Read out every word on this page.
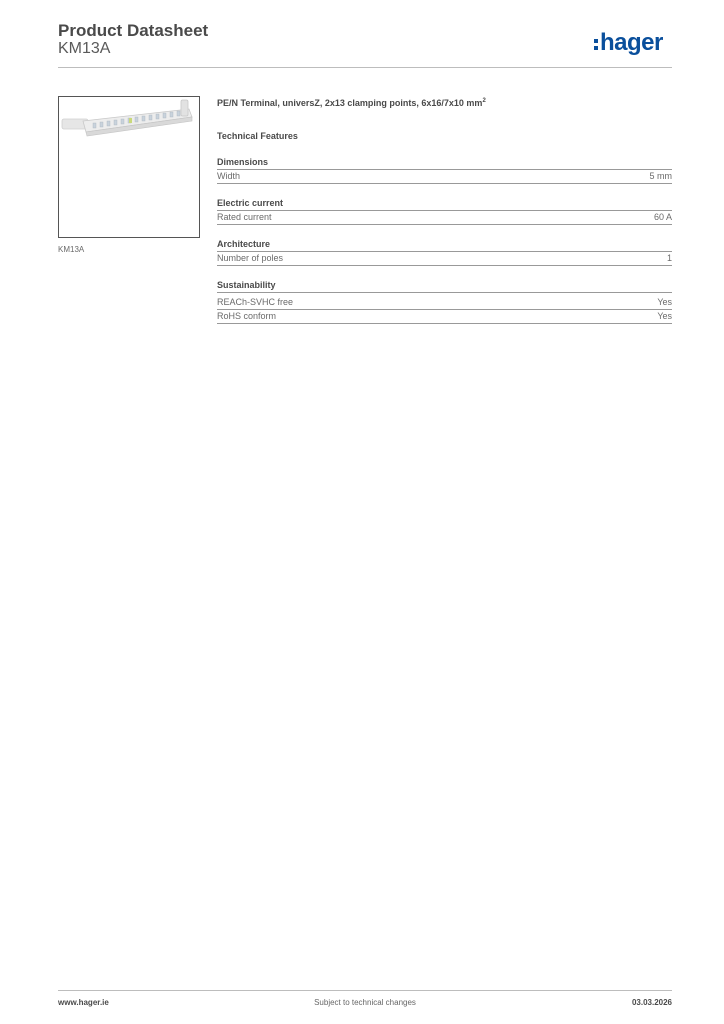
Product Datasheet
KM13A	hager
KM13A
PE/N Terminal, universZ, 2x13 clamping points, 6x16/7x10 $mm^2$
Technical Features
Dimensions
Width	5 mm
Electric current
Rated current	60 A
Architecture
Number of poles	1
Sustainability
REACh-SVHC free	Yes
RoHS conform	Yes
www.hager.ie	Subject to technical changes	03.03.2026
